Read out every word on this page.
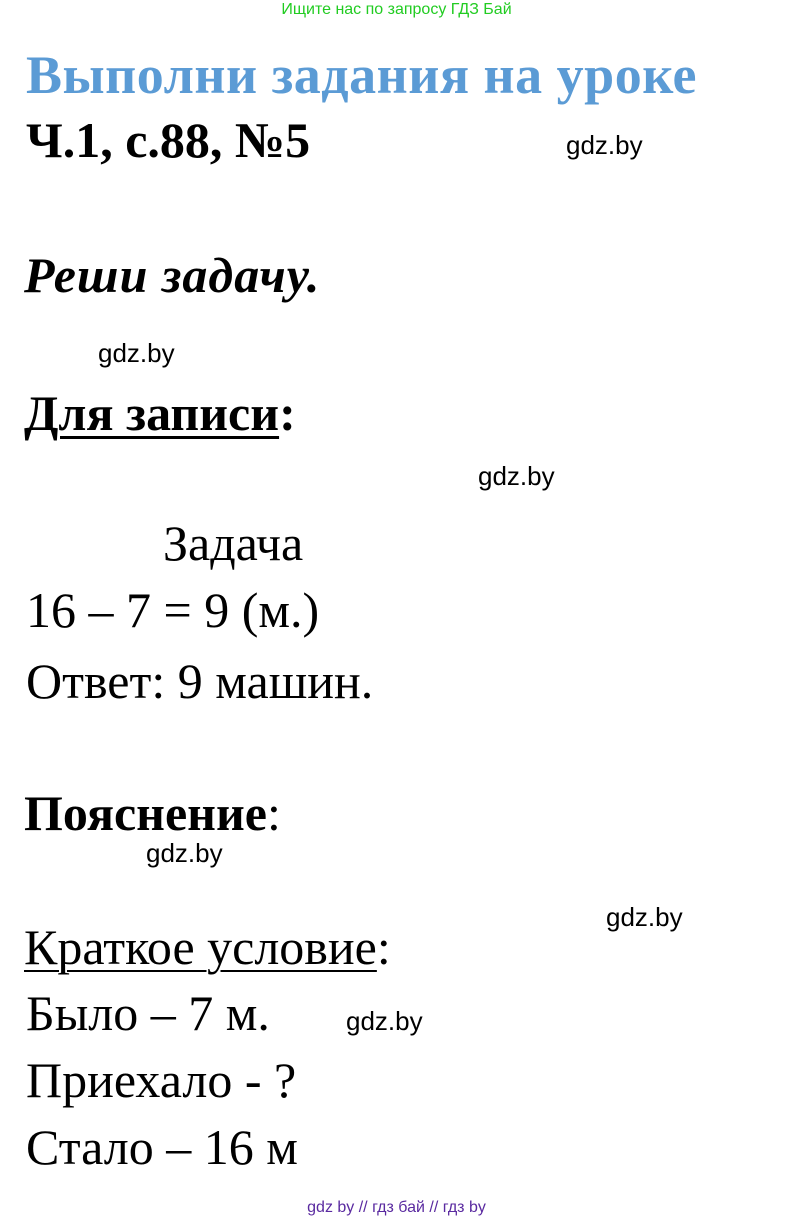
Ищите нас по запросу ГДЗ Бай
Выполни задания на уроке
Ч.1, с.88, №5	gdz.by
Реши задачу.
gdz.by
Для записи:
gdz.by
Задача
16 – 7 = 9 (м.)
Ответ: 9 машин.
Пояснение:
gdz.by
gdz.by
Краткое условие:
Было – 7 м.	gdz.by
Приехало - ?
Стало – 16 м
gdz by // гдз бай // гдз by
